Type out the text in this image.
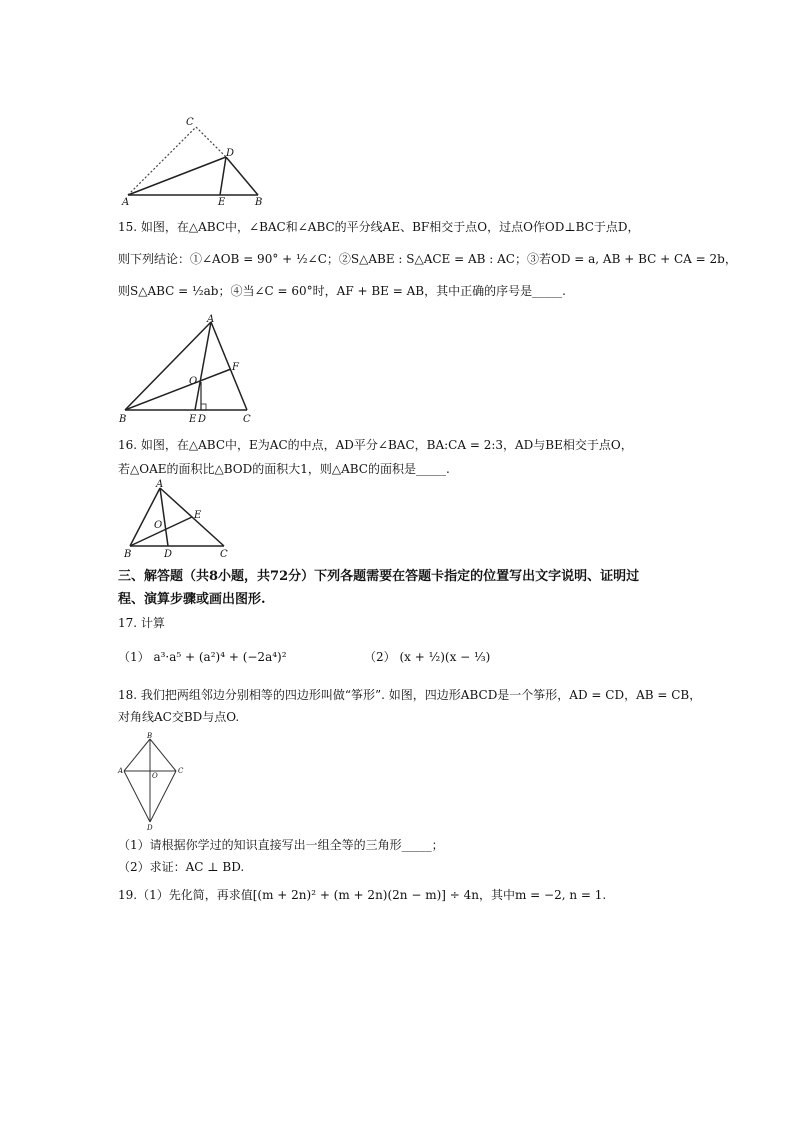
C
D
A	E	B
15. 如图，在△ABC中，∠BAC和∠ABC的平分线AE、BF相交于点O，过点O作OD⊥BC于点D，
则下列结论：①∠AOB = 90° + ½∠C；②S△ABE : S△ACE = AB : AC；③若OD = a, AB + BC + CA = 2b，
则S△ABC = ½ab；④当∠C = 60°时，AF + BE = AB，其中正确的序号是_____.
A
F
O
B	E D	C
16. 如图，在△ABC中，E为AC的中点，AD平分∠BAC，BA:CA = 2:3，AD与BE相交于点O，
若△OAE的面积比△BOD的面积大1，则△ABC的面积是_____.
A
E
O
B	D	C
三、解答题（共8小题，共72分）下列各题需要在答题卡指定的位置写出文字说明、证明过
程、演算步骤或画出图形.
17. 计算
（1） a³·a⁵ + (a²)⁴ + (−2a⁴)²	（2） (x + ½)(x − ⅓)
18. 我们把两组邻边分别相等的四边形叫做“筝形”. 如图，四边形ABCD是一个筝形，AD = CD，AB = CB，
对角线AC交BD与点O.
B
A
O
C
D
（1）请根据你学过的知识直接写出一组全等的三角形_____；
（2）求证：AC ⊥ BD.
19.（1）先化简，再求值[(m + 2n)² + (m + 2n)(2n − m)] ÷ 4n，其中m = −2, n = 1.
